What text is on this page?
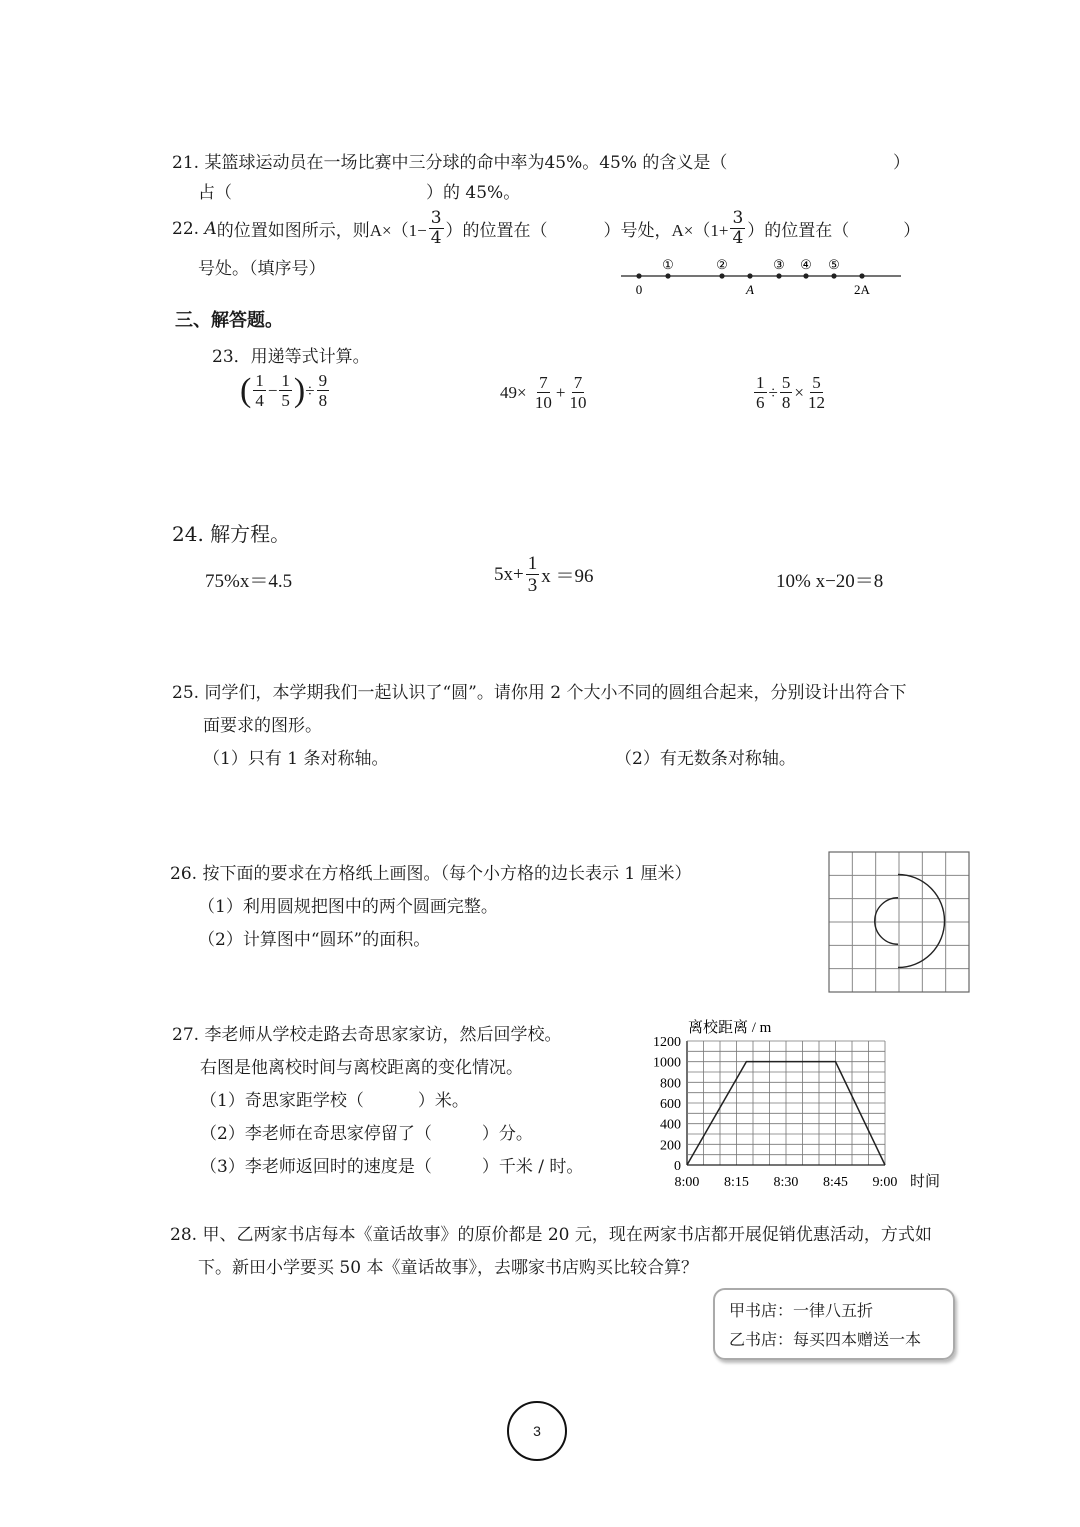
21. 某篮球运动员在一场比赛中三分球的命中率为45%。45% 的含义是（	）
占（	）的 45%。
22.
A 的位置如图所示，则 $A\times(1- \frac{3}{4}$ ）的位置在（	）号处， $A\times(1+ \frac{3}{4}$ ）的位置在（	）
号处。（填序号）	①	②	③ ④ ⑤
0	A	2A
三、解答题。
23．用递等式计算。
( $\frac{1}{4} - \frac{1}{5}$ ) ÷ $\frac{9}{8}$	49×
$\frac{7}{10} + \frac{7}{10}$	$\frac{1}{6} \div \frac{5}{8} \times \frac{5}{12}$
24. 解方程。
75%x＝4.5	$5x+ \frac{1}{3}$ x ＝96	10% x−20＝8
25. 同学们，本学期我们一起认识了“圆”。请你用 2 个大小不同的圆组合起来，分别设计出符合下
面要求的图形。
（1）只有 1 条对称轴。	（2）有无数条对称轴。
26. 按下面的要求在方格纸上画图。（每个小方格的边长表示 1 厘米）
（1）利用圆规把图中的两个圆画完整。
（2）计算图中“圆环”的面积。
27. 李老师从学校走路去奇思家家访，然后回学校。
右图是他离校时间与离校距离的变化情况。
（1）奇思家距学校（	）米。
（2）李老师在奇思家停留了（	）分。
（3）李老师返回时的速度是（	）千米 / 时。	0
200
400
600
800
1000
1200
8:00 8:15 8:30 8:45 9:00
离校距离 / m
时间
28. 甲、乙两家书店每本《童话故事》的原价都是 20 元，现在两家书店都开展促销优惠活动，方式如
下。新田小学要买 50 本《童话故事》，去哪家书店购买比较合算？
甲书店：一律八五折
乙书店：每买四本赠送一本
3
